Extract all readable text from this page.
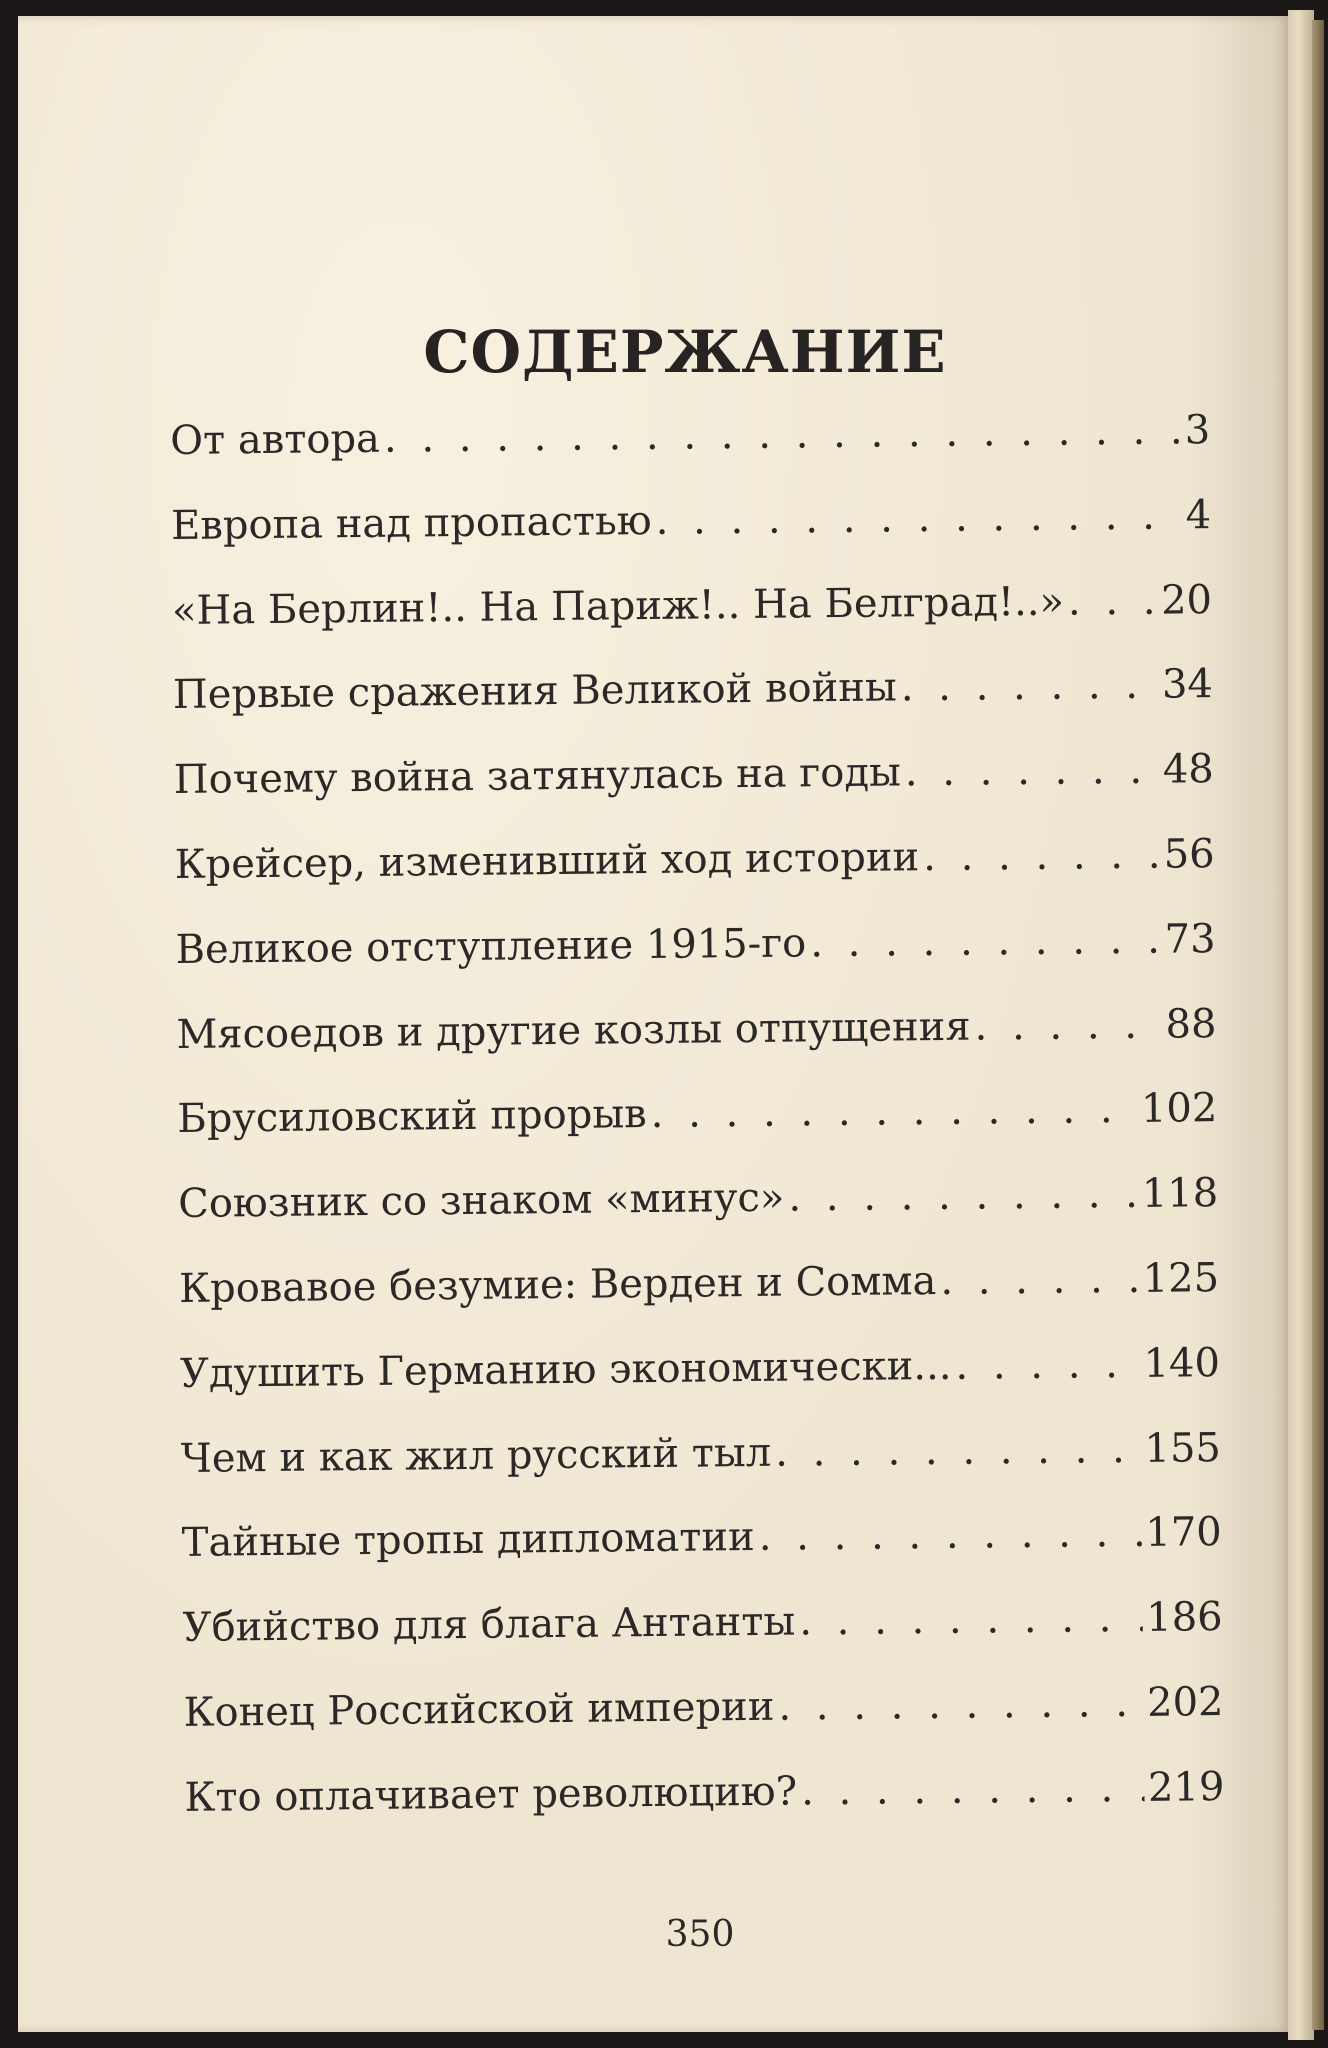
СОДЕРЖАНИЕ
От автора . . .	3
Европа над пропастью . . .	4
«На Берлин!.. На Париж!.. На Белград!..» . . . 20
Первые сражения Великой войны . . .	34
Почему война затянулась на годы . . .	48
Крейсер, изменивший ход истории . . .	56
Великое отступление 1915-го . . .	73
Мясоедов и другие козлы отпущения . . .	88
Брусиловский прорыв . . .	102
Союзник со знаком «минус» . . .	118
Кровавое безумие: Верден и Сомма . . .	125
Удушить Германию экономически... . . .	140
Чем и как жил русский тыл . . .	155
Тайные тропы дипломатии . . .	170
Убийство для блага Антанты . . .	186
Конец Российской империи . . .	202
Кто оплачивает революцию? . . .	219
350
